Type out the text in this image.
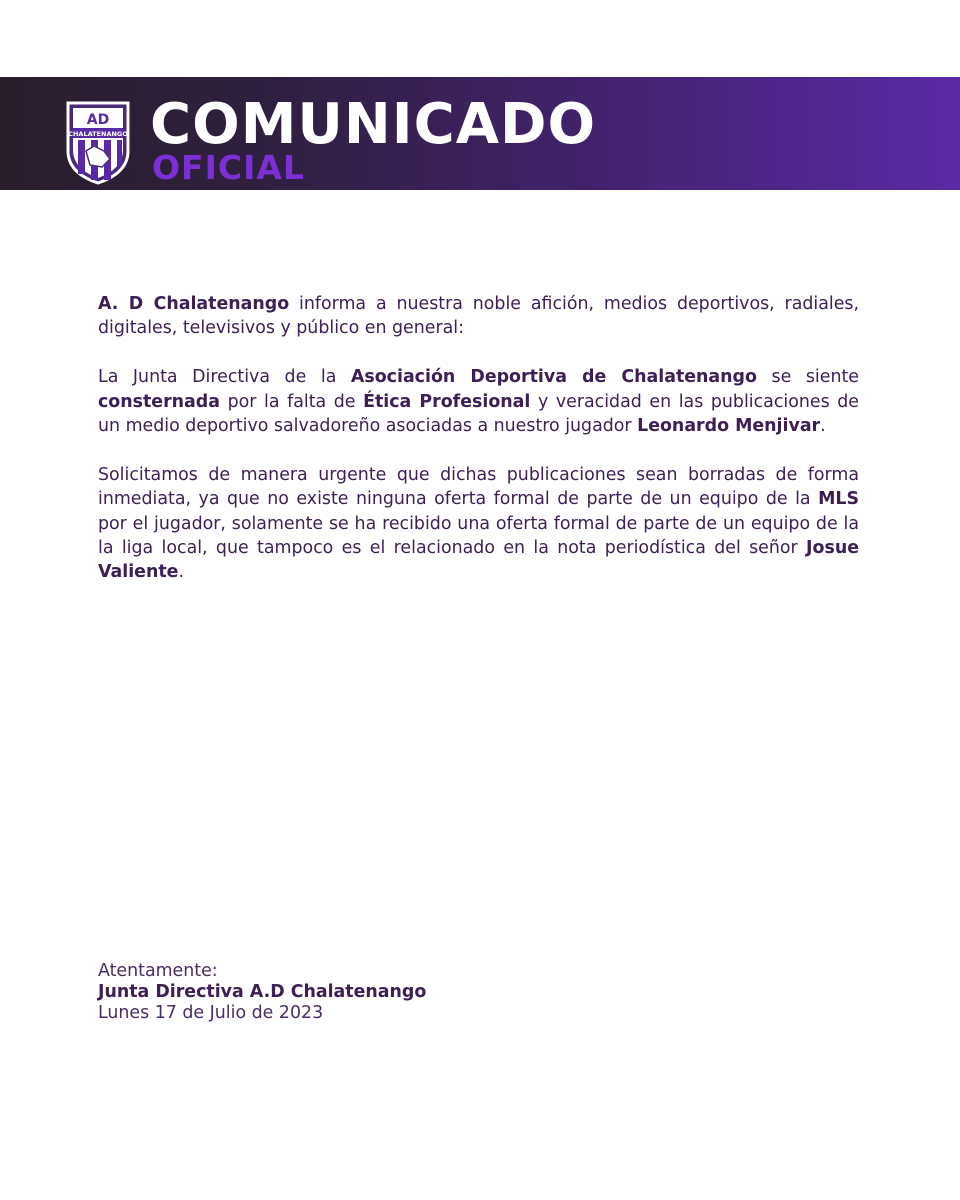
AD
CHALATENANGO COMUNICADO
OFICIAL

A. D Chalatenango informa a nuestra noble afición, medios deportivos, radiales, digitales, televisivos y público en general:

La Junta Directiva de la Asociación Deportiva de Chalatenango se siente consternada por la falta de Ética Profesional y veracidad en las publicaciones de un medio deportivo salvadoreño asociadas a nuestro jugador Leonardo Menjivar.

Solicitamos de manera urgente que dichas publicaciones sean borradas de forma inmediata, ya que no existe ninguna oferta formal de parte de un equipo de la MLS por el jugador, solamente se ha recibido una oferta formal de parte de un equipo de la la liga local, que tampoco es el relacionado en la nota periodística del señor Josue Valiente.

Atentamente:
Junta Directiva A.D Chalatenango
Lunes 17 de Julio de 2023
